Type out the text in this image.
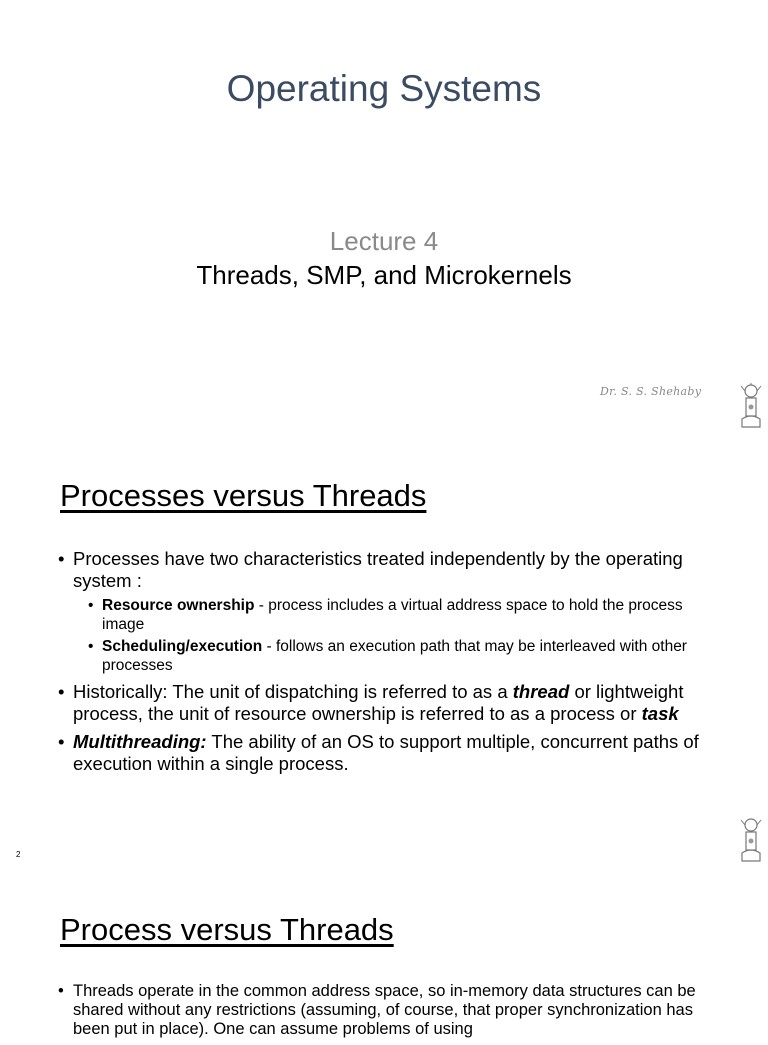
Operating Systems
Lecture 4
Threads, SMP, and Microkernels
Dr. S. S. Shehaby
Processes versus Threads
• Processes have two characteristics treated independently by the operating system :
• Resource ownership - process includes a virtual address space to hold the process image
• Scheduling/execution - follows an execution path that may be interleaved with other processes
• Historically: The unit of dispatching is referred to as a thread or lightweight process, the unit of resource ownership is referred to as a process or task
• Multithreading: The ability of an OS to support multiple, concurrent paths of execution within a single process.
2
Process versus Threads
• Threads operate in the common address space, so in-memory data structures can be shared without any restrictions (assuming, of course, that proper synchronization has been put in place). One can assume problems of using
